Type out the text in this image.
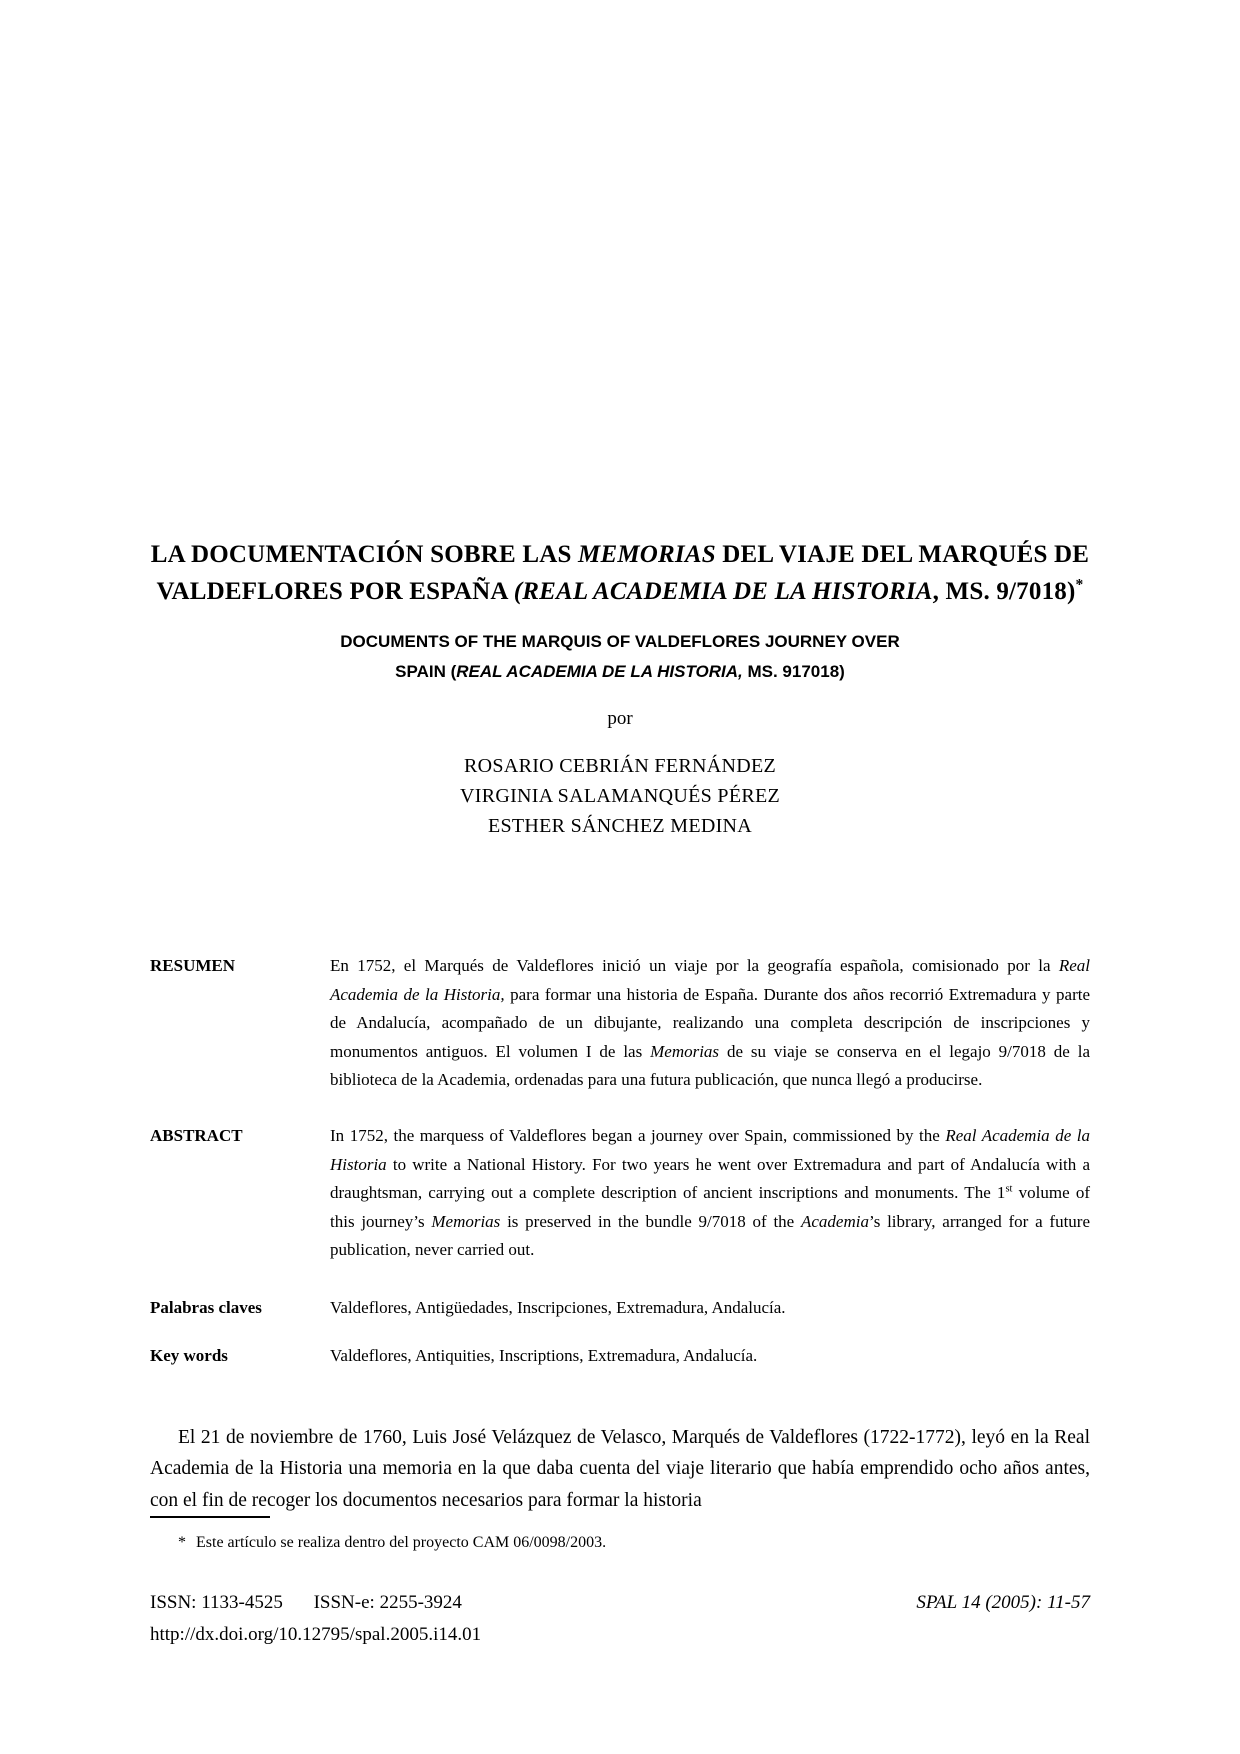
LA DOCUMENTACIÓN SOBRE LAS MEMORIAS DEL VIAJE DEL MARQUÉS DE
VALDEFLORES POR ESPAÑA (REAL ACADEMIA DE LA HISTORIA, MS. 9/7018)*
DOCUMENTS OF THE MARQUIS OF VALDEFLORES JOURNEY OVER
SPAIN (REAL ACADEMIA DE LA HISTORIA, MS. 917018)
por
ROSARIO CEBRIÁN FERNÁNDEZ
VIRGINIA SALAMANQUÉS PÉREZ
ESTHER SÁNCHEZ MEDINA
RESUMEN	En 1752, el Marqués de Valdeflores inició un viaje por la geografía española, comisionado por la Real Academia de la Historia, para formar una historia de España. Durante dos años recorrió Extremadura y parte de Andalucía, acompañado de un dibujante, realizando una completa descripción de inscripciones y monumentos antiguos. El volumen I de las Memorias de su viaje se conserva en el legajo 9/7018 de la biblioteca de la Academia, ordenadas para una futura publicación, que nunca llegó a producirse.
ABSTRACT	In 1752, the marquess of Valdeflores began a journey over Spain, commissioned by the Real Academia de la Historia to write a National History. For two years he went over Extremadura and part of Andalucía with a draughtsman, carrying out a complete description of ancient inscriptions and monuments. The 1st volume of this journey’s Memorias is preserved in the bundle 9/7018 of the Academia’s library, arranged for a future publication, never carried out.
Palabras claves	Valdeflores, Antigüedades, Inscripciones, Extremadura, Andalucía.
Key words	Valdeflores, Antiquities, Inscriptions, Extremadura, Andalucía.

El 21 de noviembre de 1760, Luis José Velázquez de Velasco, Marqués de Valdeflores (1722-1772), leyó en la Real Academia de la Historia una memoria en la que daba cuenta del viaje literario que había emprendido ocho años antes, con el fin de recoger los documentos necesarios para formar la historia

* Este artículo se realiza dentro del proyecto CAM 06/0098/2003.
ISSN: 1133-4525 ISSN-e: 2255-3924	SPAL 14 (2005): 11-57
http://dx.doi.org/10.12795/spal.2005.i14.01
